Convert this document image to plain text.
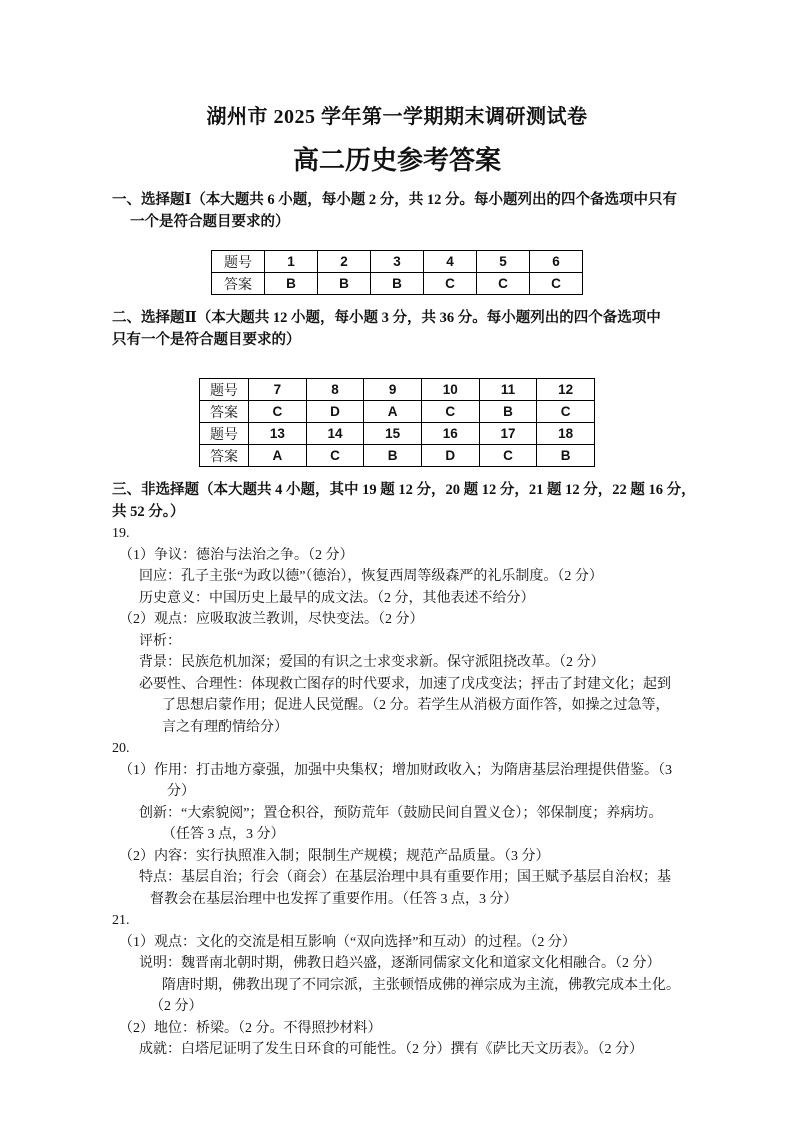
湖州市 2025 学年第一学期期末调研测试卷
高二历史参考答案
一、选择题Ⅰ（本大题共 6 小题，每小题 2 分，共 12 分。每小题列出的四个备选项中只有
一个是符合题目要求的）
题号	1	2	3	4	5	6
答案	B	B	B	C	C	C
二、选择题Ⅱ（本大题共 12 小题，每小题 3 分，共 36 分。每小题列出的四个备选项中
只有一个是符合题目要求的）
题号	7	8	9	10	11	12
答案	C	D	A	C	B	C
题号	13	14	15	16	17	18
答案	A	C	B	D	C	B
三、非选择题（本大题共 4 小题，其中 19 题 12 分，20 题 12 分，21 题 12 分，22 题 16 分，
共 52 分。）
19.
（1）争议：德治与法治之争。（2 分）
回应：孔子主张“为政以德”（德治），恢复西周等级森严的礼乐制度。（2 分）
历史意义：中国历史上最早的成文法。（2 分，其他表述不给分）
（2）观点：应吸取波兰教训，尽快变法。（2 分）
评析：
背景：民族危机加深；爱国的有识之士求变求新。保守派阻挠改革。（2 分）
必要性、合理性：体现救亡图存的时代要求，加速了戊戌变法；抨击了封建文化；起到
了思想启蒙作用；促进人民觉醒。（2 分。若学生从消极方面作答，如操之过急等，
言之有理酌情给分）
20.
（1）作用：打击地方豪强，加强中央集权；增加财政收入；为隋唐基层治理提供借鉴。（3
分）
创新：“大索貌阅”；置仓积谷，预防荒年（鼓励民间自置义仓）；邻保制度；养病坊。
（任答 3 点，3 分）
（2）内容：实行执照准入制；限制生产规模；规范产品质量。（3 分）
特点：基层自治；行会（商会）在基层治理中具有重要作用；国王赋予基层自治权；基
督教会在基层治理中也发挥了重要作用。（任答 3 点，3 分）
21.
（1）观点：文化的交流是相互影响（“双向选择”和互动）的过程。（2 分）
说明：魏晋南北朝时期，佛教日趋兴盛，逐渐同儒家文化和道家文化相融合。（2 分）
隋唐时期，佛教出现了不同宗派，主张顿悟成佛的禅宗成为主流，佛教完成本土化。
（2 分）
（2）地位：桥梁。（2 分。不得照抄材料）
成就：白塔尼证明了发生日环食的可能性。（2 分）撰有《萨比天文历表》。（2 分）
